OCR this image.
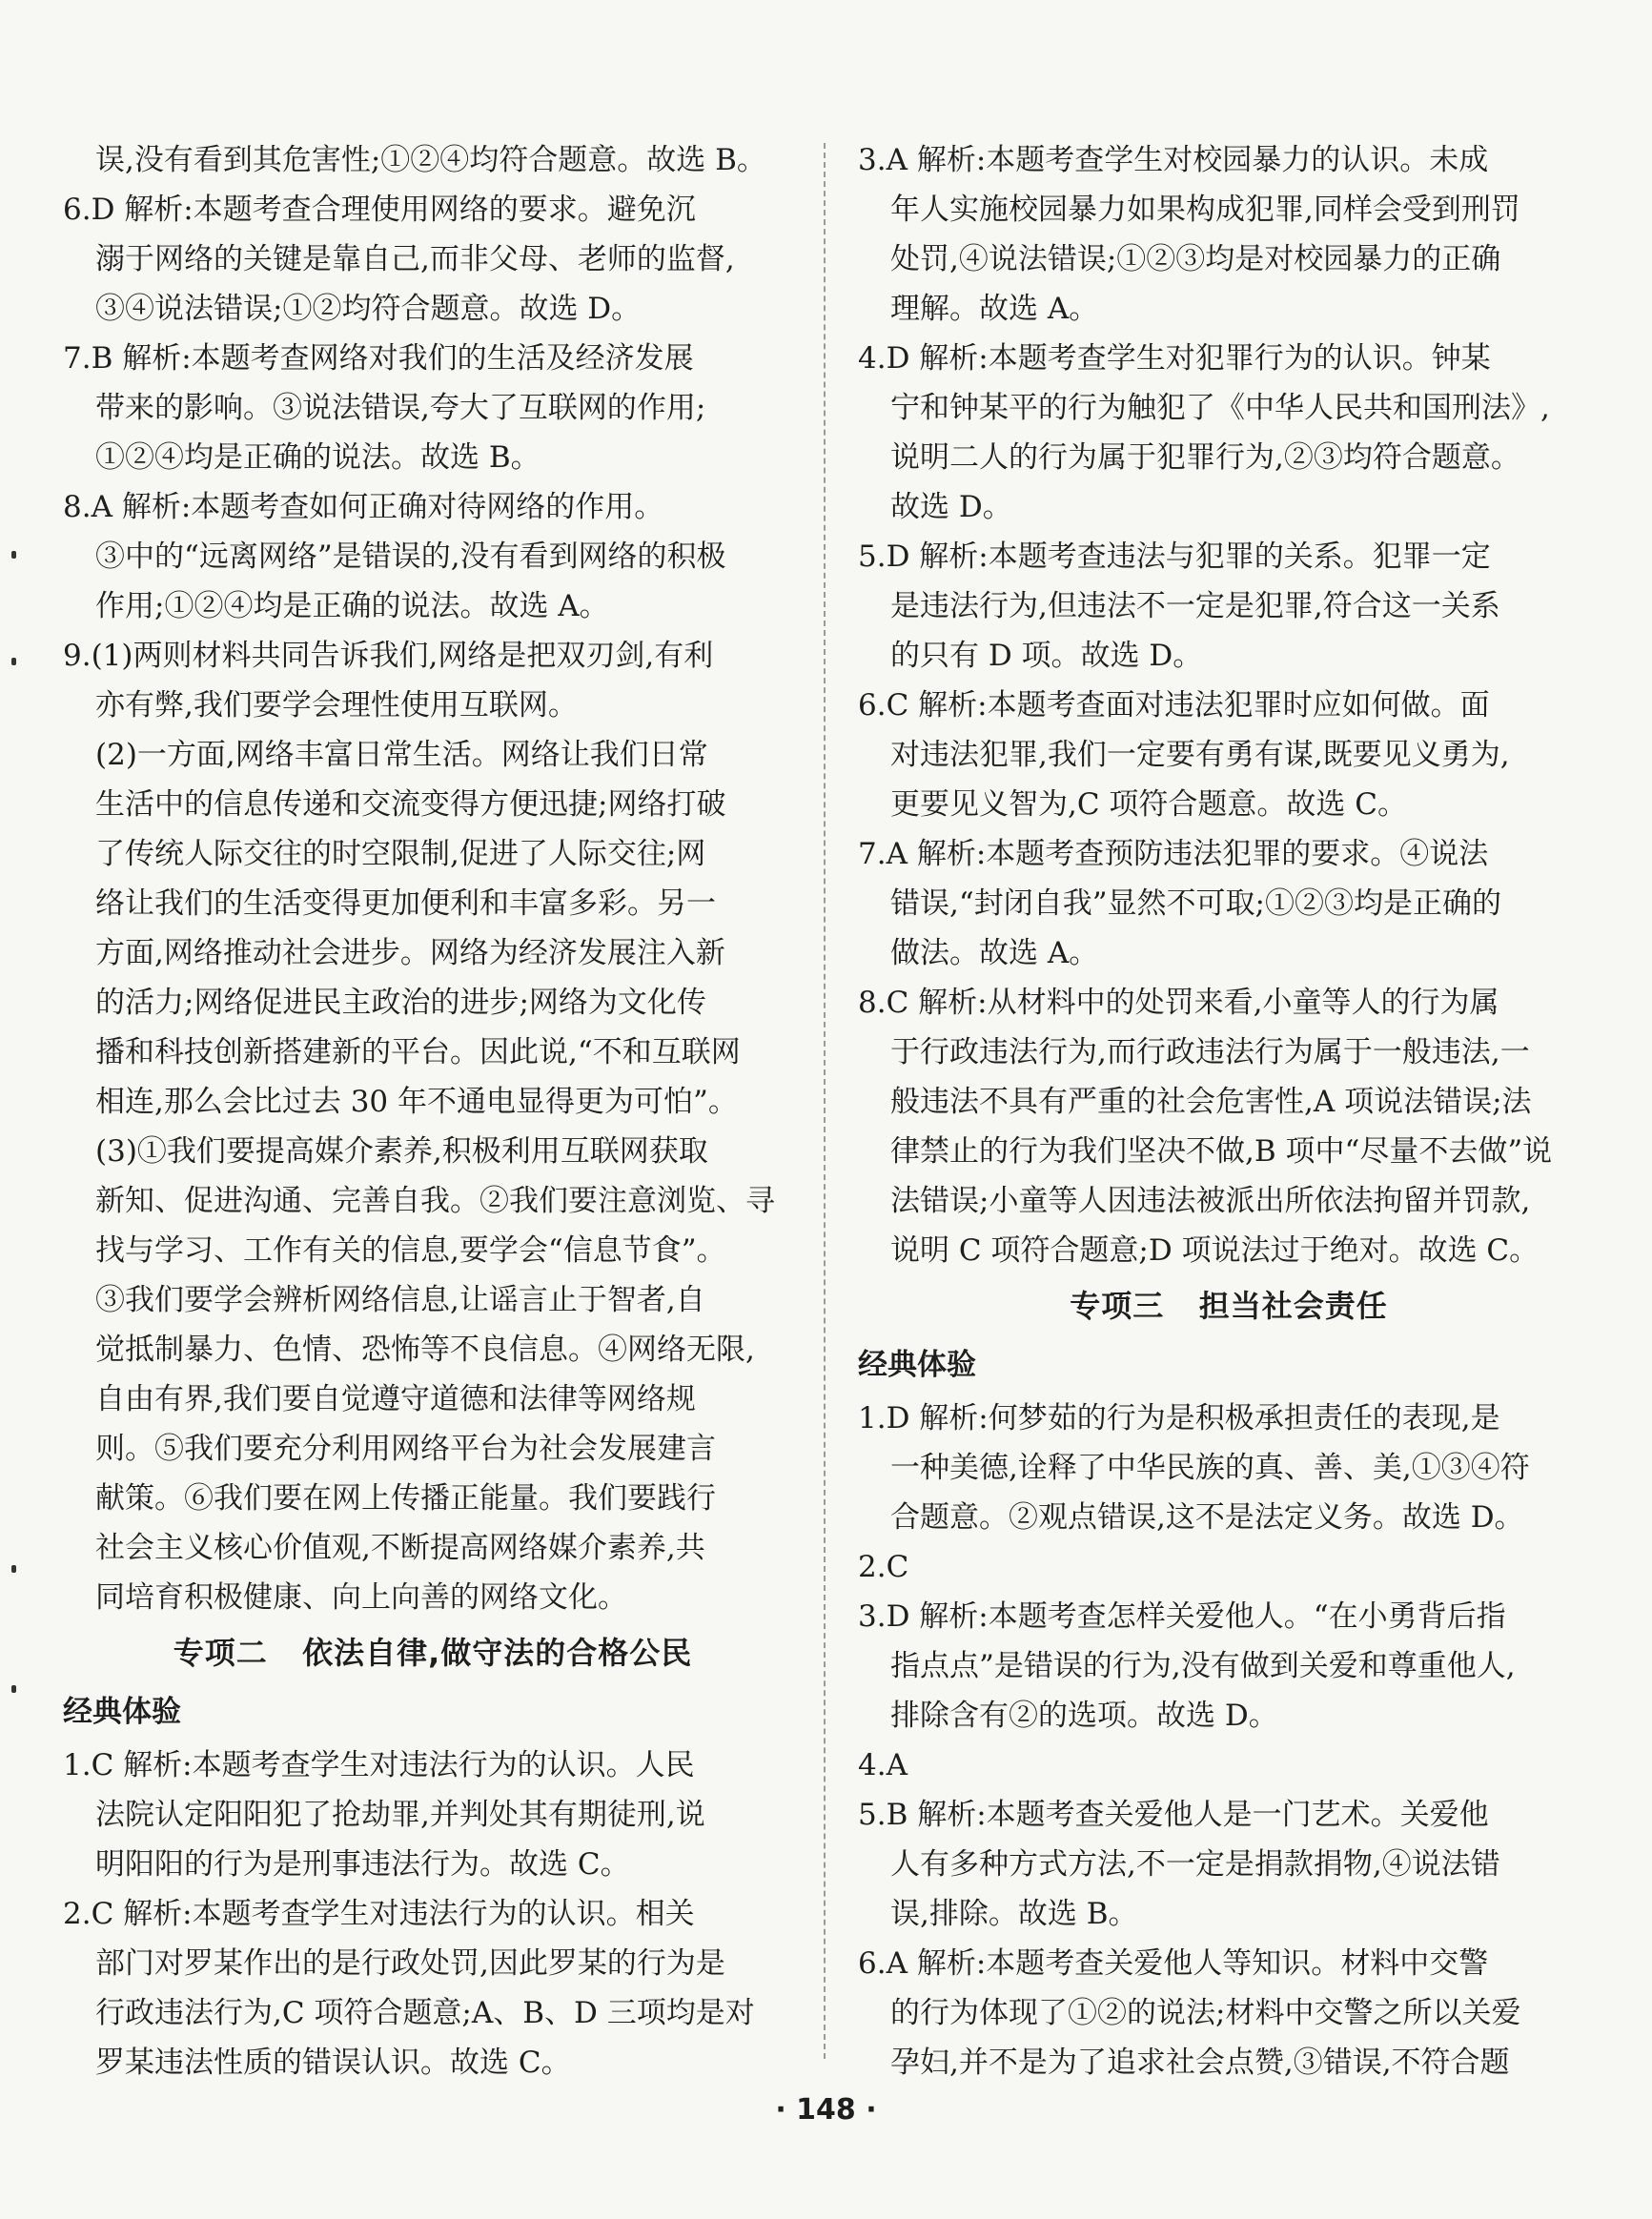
误,没有看到其危害性;①②④均符合题意。故选 B。
6.D 解析:本题考查合理使用网络的要求。避免沉
溺于网络的关键是靠自己,而非父母、老师的监督,
③④说法错误;①②均符合题意。故选 D。
7.B 解析:本题考查网络对我们的生活及经济发展
带来的影响。③说法错误,夸大了互联网的作用;
①②④均是正确的说法。故选 B。
8.A 解析:本题考查如何正确对待网络的作用。
③中的“远离网络”是错误的,没有看到网络的积极
作用;①②④均是正确的说法。故选 A。
9.(1)两则材料共同告诉我们,网络是把双刃剑,有利
亦有弊,我们要学会理性使用互联网。
(2)一方面,网络丰富日常生活。网络让我们日常
生活中的信息传递和交流变得方便迅捷;网络打破
了传统人际交往的时空限制,促进了人际交往;网
络让我们的生活变得更加便利和丰富多彩。另一
方面,网络推动社会进步。网络为经济发展注入新
的活力;网络促进民主政治的进步;网络为文化传
播和科技创新搭建新的平台。因此说,“不和互联网
相连,那么会比过去 30 年不通电显得更为可怕”。
(3)①我们要提高媒介素养,积极利用互联网获取
新知、促进沟通、完善自我。②我们要注意浏览、寻
找与学习、工作有关的信息,要学会“信息节食”。
③我们要学会辨析网络信息,让谣言止于智者,自
觉抵制暴力、色情、恐怖等不良信息。④网络无限,
自由有界,我们要自觉遵守道德和法律等网络规
则。⑤我们要充分利用网络平台为社会发展建言
献策。⑥我们要在网上传播正能量。我们要践行
社会主义核心价值观,不断提高网络媒介素养,共
同培育积极健康、向上向善的网络文化。
专项二   依法自律,做守法的合格公民
经典体验
1.C 解析:本题考查学生对违法行为的认识。人民
法院认定阳阳犯了抢劫罪,并判处其有期徒刑,说
明阳阳的行为是刑事违法行为。故选 C。
2.C 解析:本题考查学生对违法行为的认识。相关
部门对罗某作出的是行政处罚,因此罗某的行为是
行政违法行为,C 项符合题意;A、B、D 三项均是对
罗某违法性质的错误认识。故选 C。
3.A 解析:本题考查学生对校园暴力的认识。未成
年人实施校园暴力如果构成犯罪,同样会受到刑罚
处罚,④说法错误;①②③均是对校园暴力的正确
理解。故选 A。
4.D 解析:本题考查学生对犯罪行为的认识。钟某
宁和钟某平的行为触犯了《中华人民共和国刑法》,
说明二人的行为属于犯罪行为,②③均符合题意。
故选 D。
5.D 解析:本题考查违法与犯罪的关系。犯罪一定
是违法行为,但违法不一定是犯罪,符合这一关系
的只有 D 项。故选 D。
6.C 解析:本题考查面对违法犯罪时应如何做。面
对违法犯罪,我们一定要有勇有谋,既要见义勇为,
更要见义智为,C 项符合题意。故选 C。
7.A 解析:本题考查预防违法犯罪的要求。④说法
错误,“封闭自我”显然不可取;①②③均是正确的
做法。故选 A。
8.C 解析:从材料中的处罚来看,小童等人的行为属
于行政违法行为,而行政违法行为属于一般违法,一
般违法不具有严重的社会危害性,A 项说法错误;法
律禁止的行为我们坚决不做,B 项中“尽量不去做”说
法错误;小童等人因违法被派出所依法拘留并罚款,
说明 C 项符合题意;D 项说法过于绝对。故选 C。
专项三   担当社会责任
经典体验
1.D 解析:何梦茹的行为是积极承担责任的表现,是
一种美德,诠释了中华民族的真、善、美,①③④符
合题意。②观点错误,这不是法定义务。故选 D。
2.C
3.D 解析:本题考查怎样关爱他人。“在小勇背后指
指点点”是错误的行为,没有做到关爱和尊重他人,
排除含有②的选项。故选 D。
4.A
5.B 解析:本题考查关爱他人是一门艺术。关爱他
人有多种方式方法,不一定是捐款捐物,④说法错
误,排除。故选 B。
6.A 解析:本题考查关爱他人等知识。材料中交警
的行为体现了①②的说法;材料中交警之所以关爱
孕妇,并不是为了追求社会点赞,③错误,不符合题
· 148 ·
